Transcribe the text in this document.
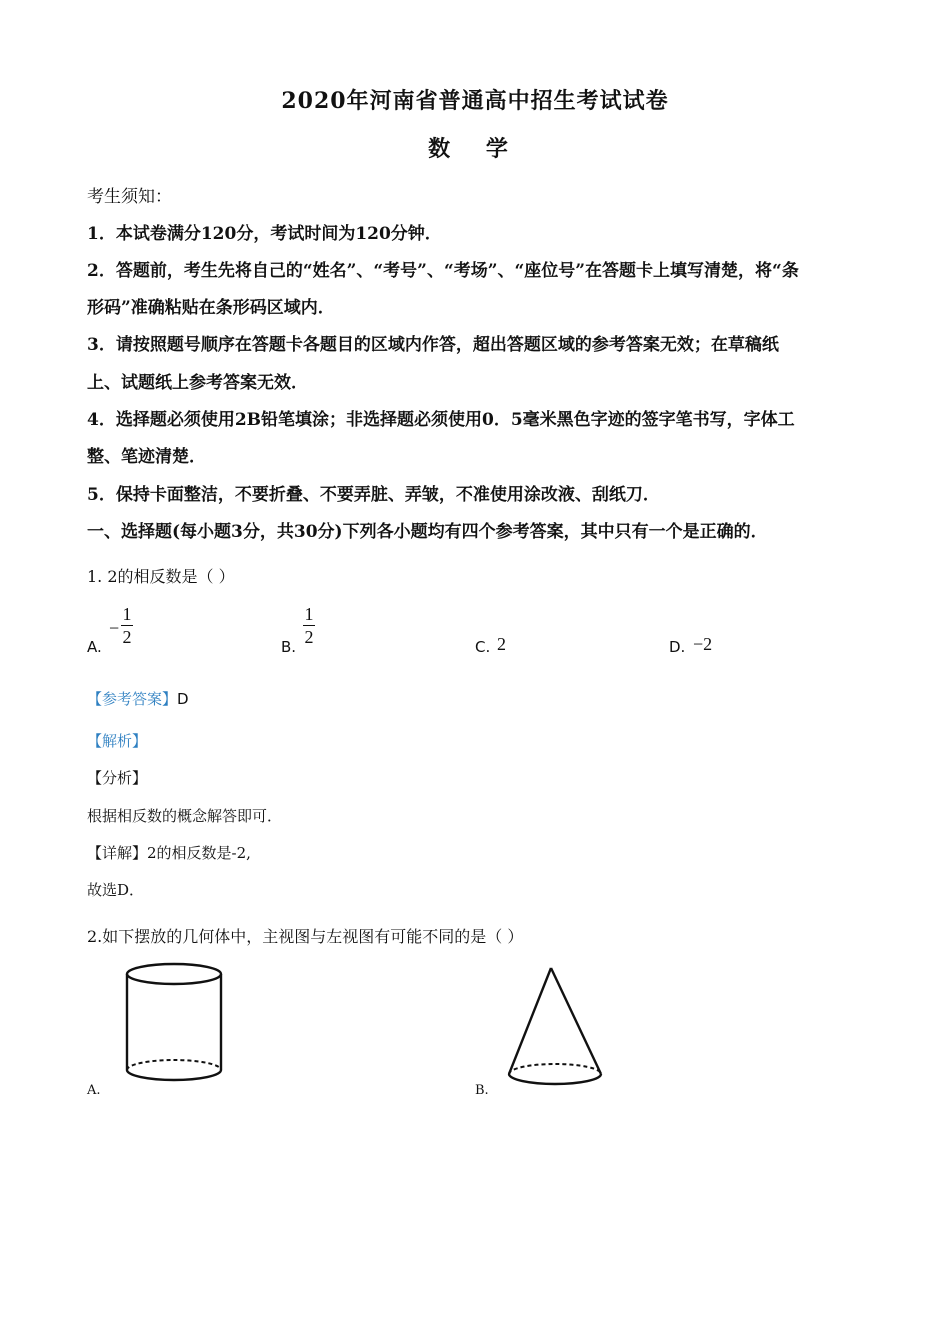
2020年河南省普通高中招生考试试卷
数 学
考生须知：
1．本试卷满分120分，考试时间为120分钟．
2．答题前，考生先将自己的“姓名”、“考号”、“考场”、“座位号”在答题卡上填写清楚，将“条
形码”准确粘贴在条形码区域内．
3．请按照题号顺序在答题卡各题目的区域内作答，超出答题区域的参考答案无效；在草稿纸
上、试题纸上参考答案无效．
4．选择题必须使用2B铅笔填涂；非选择题必须使用0．5毫米黑色字迹的签字笔书写，字体工
整、笔迹清楚．
5．保持卡面整洁，不要折叠、不要弄脏、弄皱，不准使用涂改液、刮纸刀．
一、选择题(每小题3分，共30分)下列各小题均有四个参考答案，其中只有一个是正确的．
1. 2的相反数是（ ）
A.
−
1
2	B.
1
2	C. 2	D. −2
【参考答案】D
【解析】
【分析】
根据相反数的概念解答即可．
【详解】2的相反数是-2,
故选D．
2.如下摆放的几何体中，主视图与左视图有可能不同的是（ ）
A.	B.
